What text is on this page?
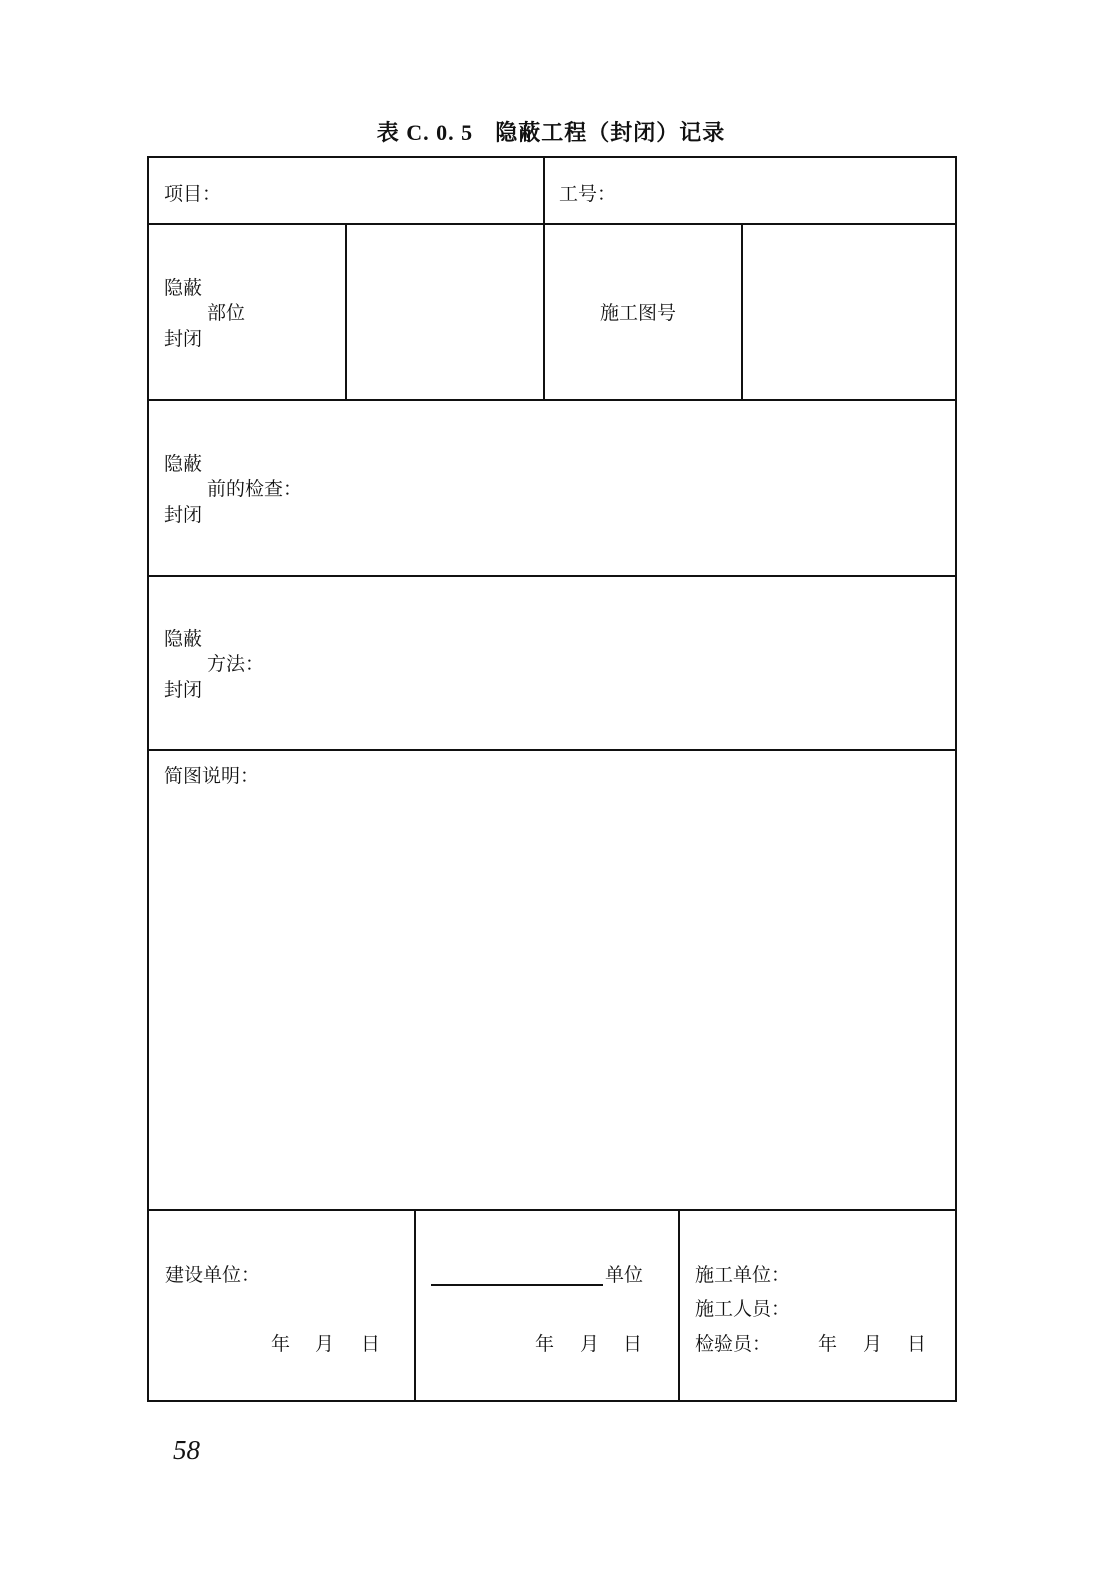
表 C. 0. 5 隐蔽工程（封闭）记录
项目：	工号：
隐蔽
部位
封闭
施工图号
隐蔽
前的检查：
封闭
隐蔽
方法：
封闭
简图说明：
建设单位：
年 月 日
单位
年 月 日
施工单位：
施工人员：
检验员： 年 月 日
58
